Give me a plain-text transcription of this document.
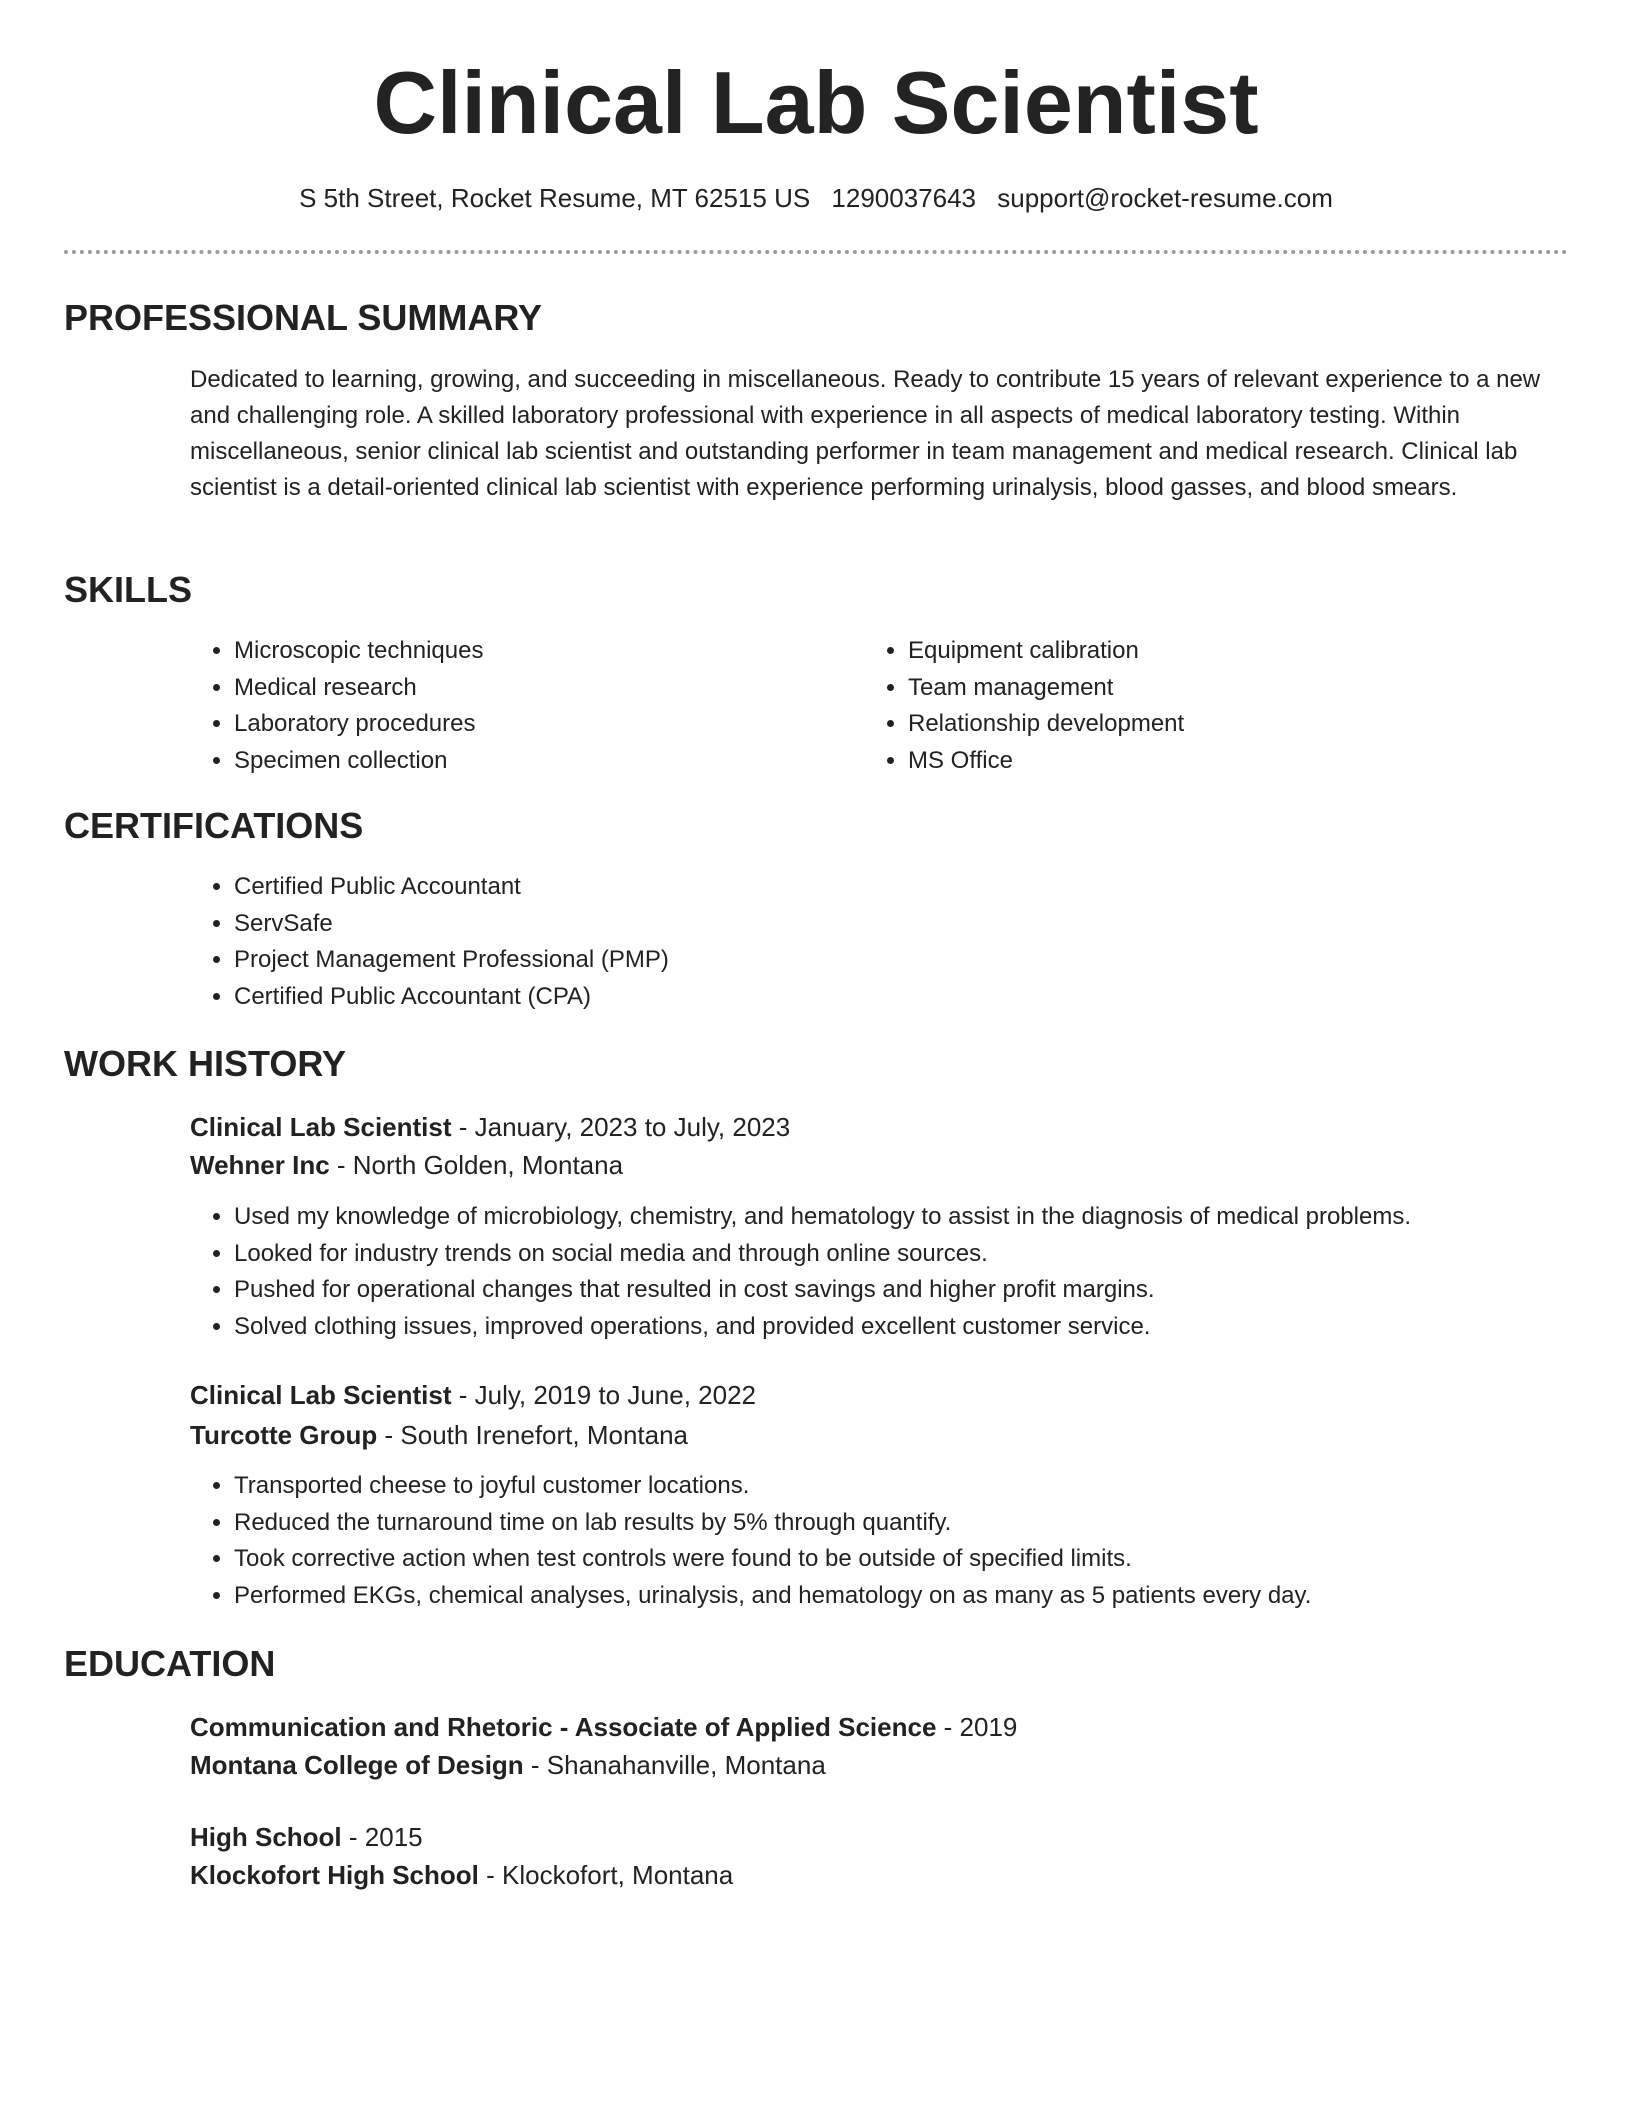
Clinical Lab Scientist
S 5th Street, Rocket Resume, MT 62515 US 1290037643 support@rocket-resume.com
PROFESSIONAL SUMMARY
Dedicated to learning, growing, and succeeding in miscellaneous. Ready to contribute 15 years of relevant experience to a new and challenging role. A skilled laboratory professional with experience in all aspects of medical laboratory testing. Within miscellaneous, senior clinical lab scientist and outstanding performer in team management and medical research. Clinical lab scientist is a detail-oriented clinical lab scientist with experience performing urinalysis, blood gasses, and blood smears.
SKILLS
• Microscopic techniques
• Medical research
• Laboratory procedures
• Specimen collection
• Equipment calibration
• Team management
• Relationship development
• MS Office
CERTIFICATIONS
• Certified Public Accountant
• ServSafe
• Project Management Professional (PMP)
• Certified Public Accountant (CPA)
WORK HISTORY
Clinical Lab Scientist - January, 2023 to July, 2023
Wehner Inc - North Golden, Montana
• Used my knowledge of microbiology, chemistry, and hematology to assist in the diagnosis of medical problems.
• Looked for industry trends on social media and through online sources.
• Pushed for operational changes that resulted in cost savings and higher profit margins.
• Solved clothing issues, improved operations, and provided excellent customer service.
Clinical Lab Scientist - July, 2019 to June, 2022
Turcotte Group - South Irenefort, Montana
• Transported cheese to joyful customer locations.
• Reduced the turnaround time on lab results by 5% through quantify.
• Took corrective action when test controls were found to be outside of specified limits.
• Performed EKGs, chemical analyses, urinalysis, and hematology on as many as 5 patients every day.
EDUCATION
Communication and Rhetoric - Associate of Applied Science - 2019
Montana College of Design - Shanahanville, Montana
High School - 2015
Klockofort High School - Klockofort, Montana
